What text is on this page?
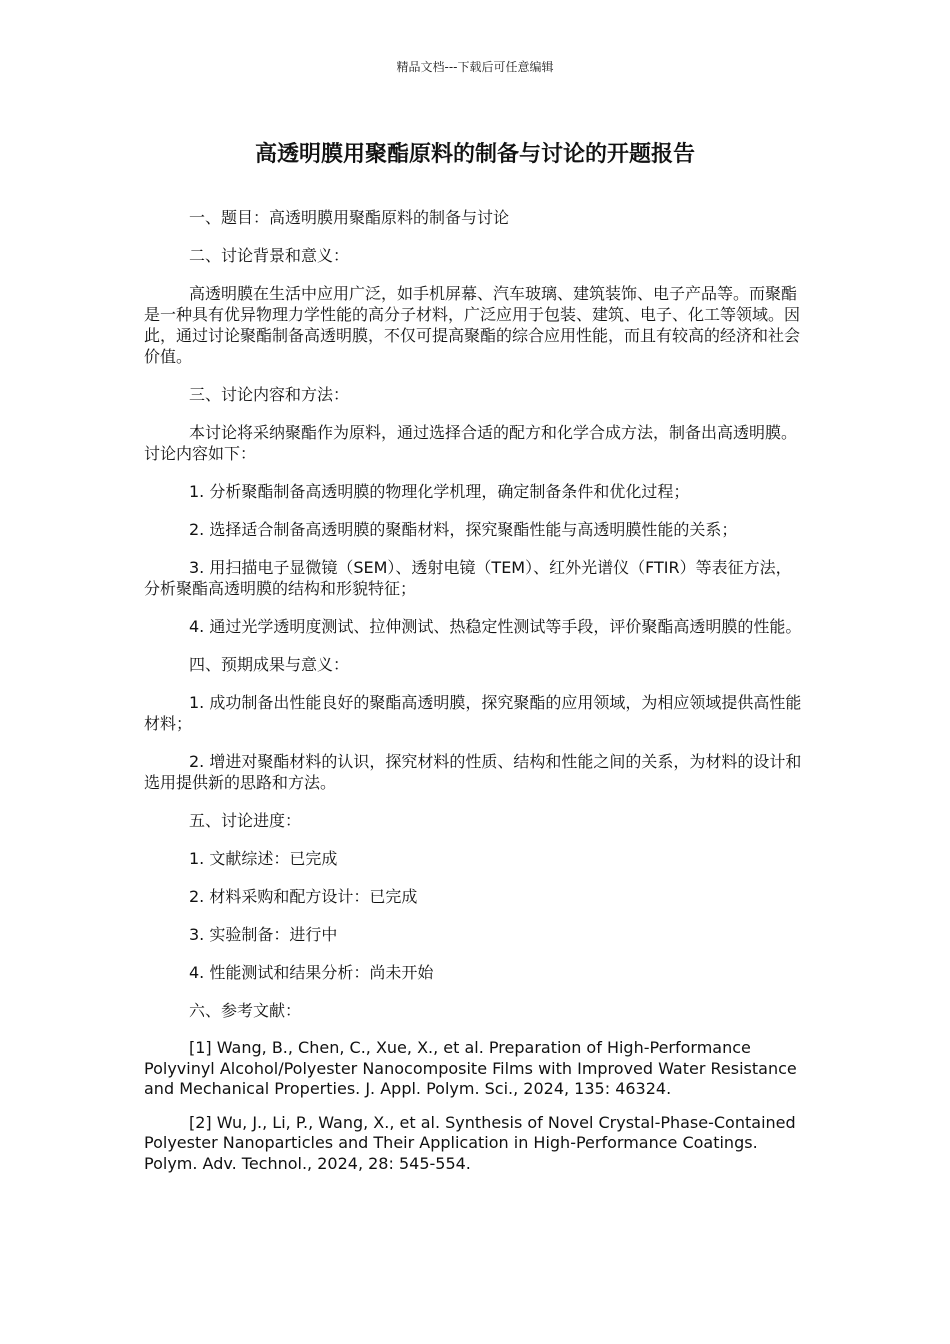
精品文档---下载后可任意编辑
高透明膜用聚酯原料的制备与讨论的开题报告

一、题目：高透明膜用聚酯原料的制备与讨论

二、讨论背景和意义：

高透明膜在生活中应用广泛，如手机屏幕、汽车玻璃、建筑装饰、电子产品等。而聚酯是一种具有优异物理力学性能的高分子材料，广泛应用于包装、建筑、电子、化工等领域。因此，通过讨论聚酯制备高透明膜，不仅可提高聚酯的综合应用性能，而且有较高的经济和社会价值。

三、讨论内容和方法：

本讨论将采纳聚酯作为原料，通过选择合适的配方和化学合成方法，制备出高透明膜。讨论内容如下：

1. 分析聚酯制备高透明膜的物理化学机理，确定制备条件和优化过程；

2. 选择适合制备高透明膜的聚酯材料，探究聚酯性能与高透明膜性能的关系；

3. 用扫描电子显微镜（SEM）、透射电镜（TEM）、红外光谱仪（FTIR）等表征方法，分析聚酯高透明膜的结构和形貌特征；

4. 通过光学透明度测试、拉伸测试、热稳定性测试等手段，评价聚酯高透明膜的性能。

四、预期成果与意义：

1. 成功制备出性能良好的聚酯高透明膜，探究聚酯的应用领域，为相应领域提供高性能材料；

2. 增进对聚酯材料的认识，探究材料的性质、结构和性能之间的关系，为材料的设计和选用提供新的思路和方法。

五、讨论进度：

1. 文献综述：已完成

2. 材料采购和配方设计：已完成

3. 实验制备：进行中

4. 性能测试和结果分析：尚未开始

六、参考文献：

[1] Wang, B., Chen, C., Xue, X., et al. Preparation of High-Performance Polyvinyl Alcohol/Polyester Nanocomposite Films with Improved Water Resistance and Mechanical Properties. J. Appl. Polym. Sci., 2024, 135: 46324.

[2] Wu, J., Li, P., Wang, X., et al. Synthesis of Novel Crystal-Phase-Contained Polyester Nanoparticles and Their Application in High-Performance Coatings. Polym. Adv. Technol., 2024, 28: 545-554.
